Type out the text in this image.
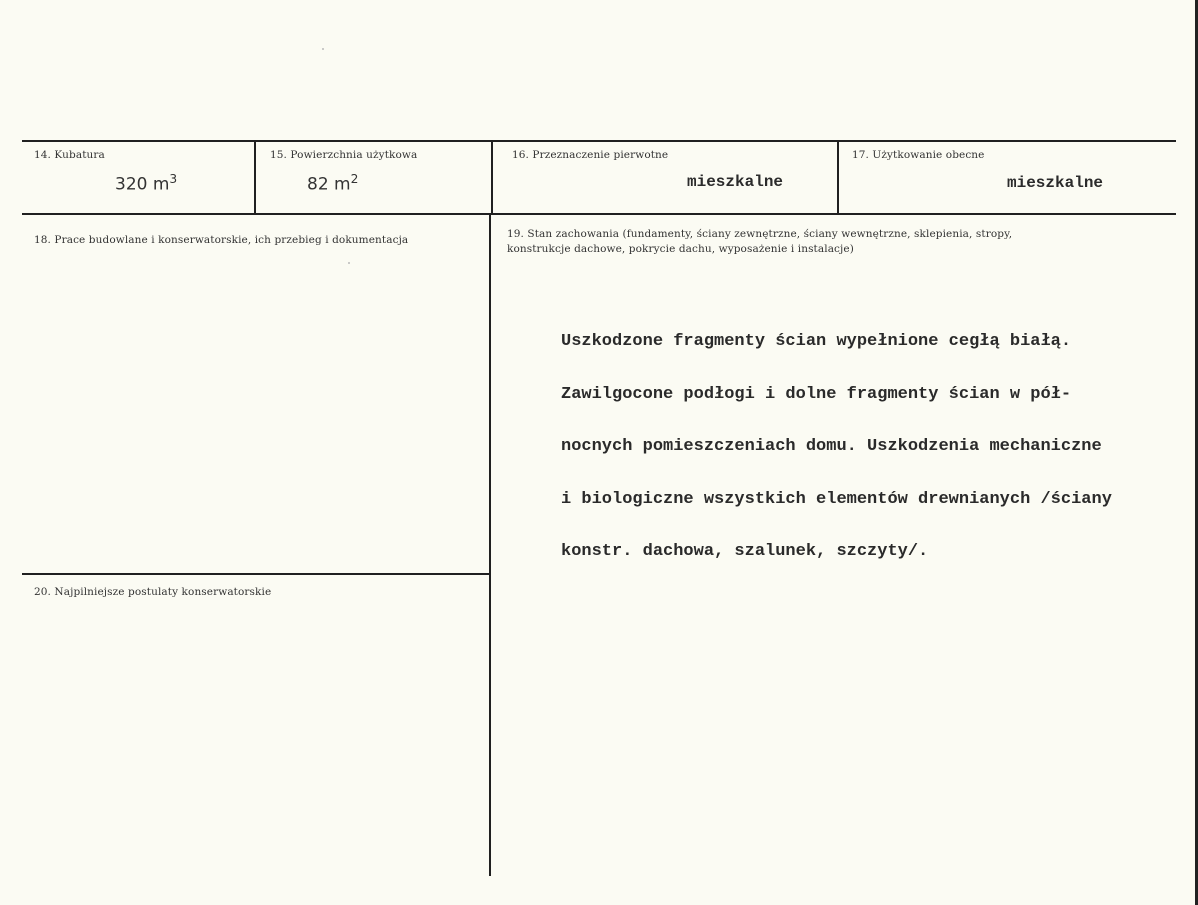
14. Kubatura
320 $m^3$
15. Powierzchnia użytkowa
82 $m^2$
16. Przeznaczenie pierwotne
mieszkalne
17. Użytkowanie obecne
mieszkalne
18. Prace budowlane i konserwatorskie, ich przebieg i dokumentacja	19. Stan zachowania (fundamenty, ściany zewnętrzne, ściany wewnętrzne, sklepienia, stropy,
konstrukcje dachowe, pokrycie dachu, wyposażenie i instalacje)

Uszkodzone fragmenty ścian wypełnione cegłą białą.

Zawilgocone podłogi i dolne fragmenty ścian w pół-

nocnych pomieszczeniach domu. Uszkodzenia mechaniczne

i biologiczne wszystkich elementów drewnianych /ściany

konstr. dachowa, szalunek, szczyty/.

20. Najpilniejsze postulaty konserwatorskie
